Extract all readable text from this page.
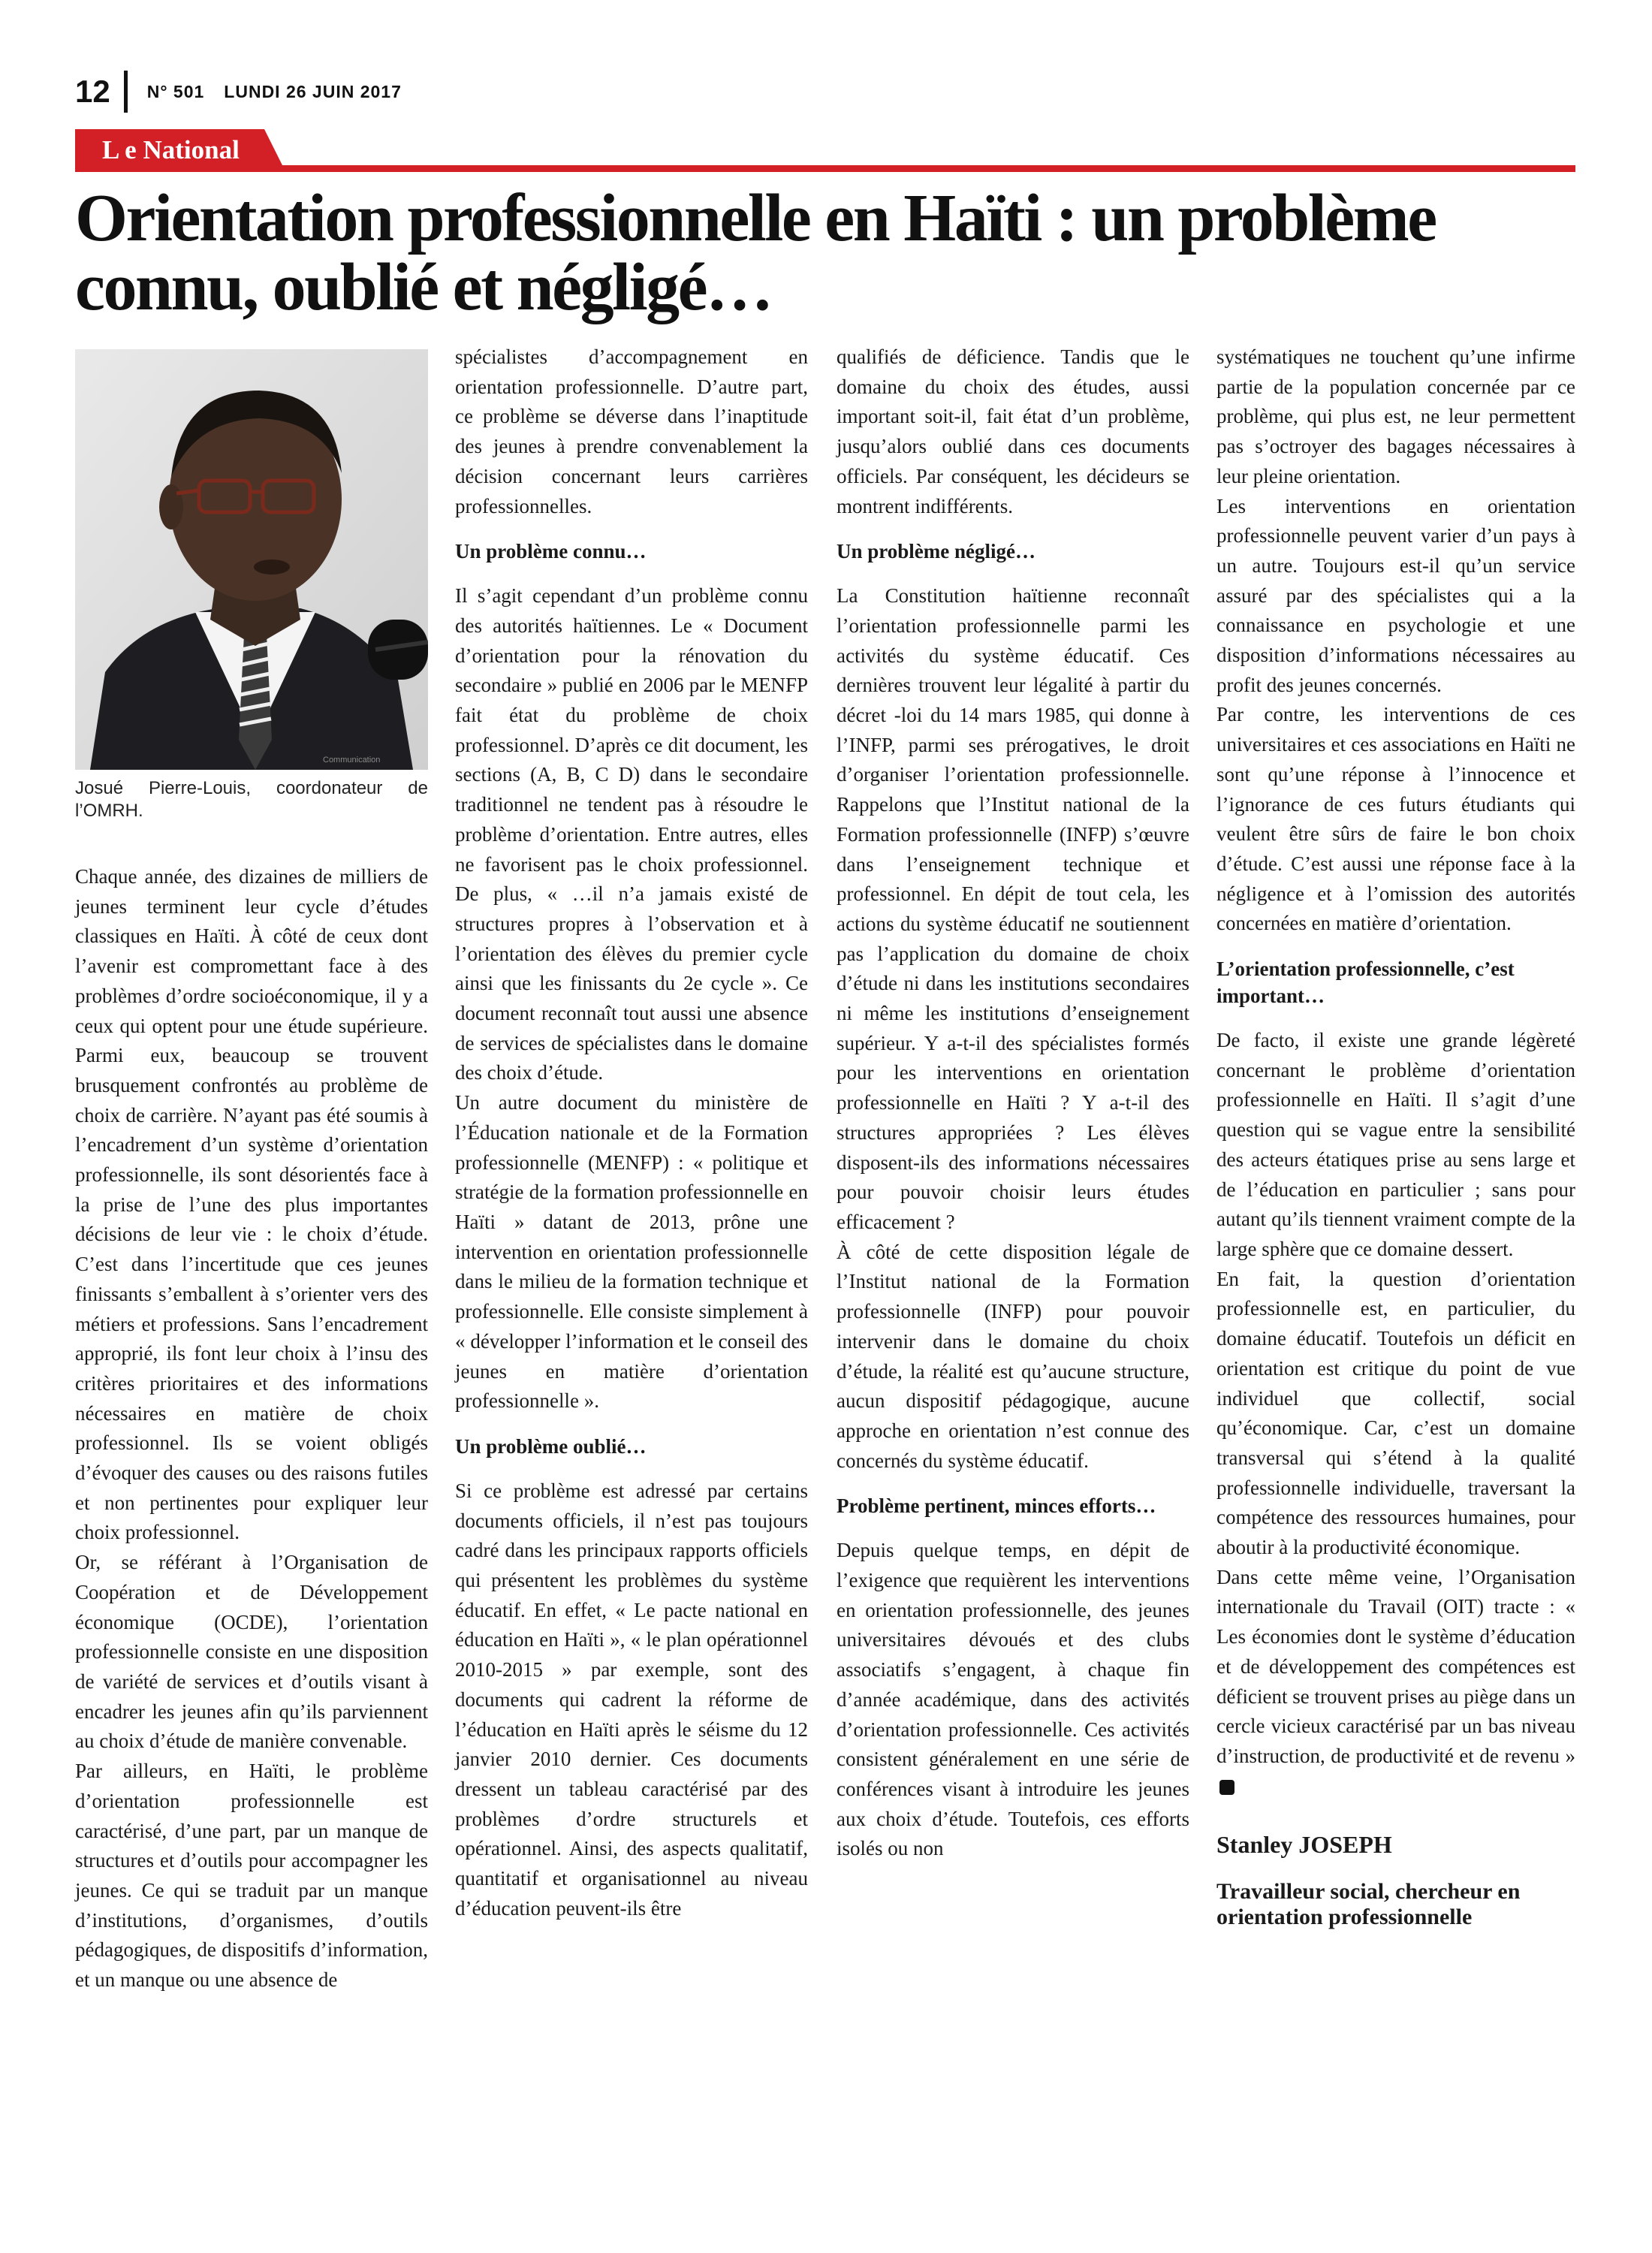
12 N° 501 LUNDI 26 JUIN 2017
L e National
Orientation professionnelle en Haïti : un problème connu, oublié et négligé…
Communication
Josué Pierre-Louis, coordonateur de l’OMRH.

Chaque année, des dizaines de milliers de jeunes terminent leur cycle d’études classiques en Haïti. À côté de ceux dont l’avenir est compromettant face à des problèmes d’ordre socioéconomique, il y a ceux qui optent pour une étude supérieure. Parmi eux, beaucoup se trouvent brusquement confrontés au problème de choix de carrière. N’ayant pas été soumis à l’encadrement d’un système d’orientation professionnelle, ils sont désorientés face à la prise de l’une des plus importantes décisions de leur vie : le choix d’étude. C’est dans l’incertitude que ces jeunes finissants s’emballent à s’orienter vers des métiers et professions. Sans l’encadrement approprié, ils font leur choix à l’insu des critères prioritaires et des informations nécessaires en matière de choix professionnel. Ils se voient obligés d’évoquer des causes ou des raisons futiles et non pertinentes pour expliquer leur choix professionnel.

Or, se référant à l’Organisation de Coopération et de Développement économique (OCDE), l’orientation professionnelle consiste en une disposition de variété de services et d’outils visant à encadrer les jeunes afin qu’ils parviennent au choix d’étude de manière convenable.

Par ailleurs, en Haïti, le problème d’orientation professionnelle est caractérisé, d’une part, par un manque de structures et d’outils pour accompagner les jeunes. Ce qui se traduit par un manque d’institutions, d’organismes, d’outils pédagogiques, de dispositifs d’information, et un manque ou une absence de

spécialistes d’accompagnement en orientation professionnelle. D’autre part, ce problème se déverse dans l’inaptitude des jeunes à prendre convenablement la décision concernant leurs carrières professionnelles.

Un problème connu…

Il s’agit cependant d’un problème connu des autorités haïtiennes. Le « Document d’orientation pour la rénovation du secondaire » publié en 2006 par le MENFP fait état du problème de choix professionnel. D’après ce dit document, les sections (A, B, C D) dans le secondaire traditionnel ne tendent pas à résoudre le problème d’orientation. Entre autres, elles ne favorisent pas le choix professionnel. De plus, « …il n’a jamais existé de structures propres à l’observation et à l’orientation des élèves du premier cycle ainsi que les finissants du 2e cycle ». Ce document reconnaît tout aussi une absence de services de spécialistes dans le domaine des choix d’étude.

Un autre document du ministère de l’Éducation nationale et de la Formation professionnelle (MENFP) : « politique et stratégie de la formation professionnelle en Haïti » datant de 2013, prône une intervention en orientation professionnelle dans le milieu de la formation technique et professionnelle. Elle consiste simplement à « développer l’information et le conseil des jeunes en matière d’orientation professionnelle ».

Un problème oublié…

Si ce problème est adressé par certains documents officiels, il n’est pas toujours cadré dans les principaux rapports officiels qui présentent les problèmes du système éducatif. En effet, « Le pacte national en éducation en Haïti », « le plan opérationnel 2010-2015 » par exemple, sont des documents qui cadrent la réforme de l’éducation en Haïti après le séisme du 12 janvier 2010 dernier. Ces documents dressent un tableau caractérisé par des problèmes d’ordre structurels et opérationnel. Ainsi, des aspects qualitatif, quantitatif et organisationnel au niveau d’éducation peuvent-ils être

qualifiés de déficience. Tandis que le domaine du choix des études, aussi important soit-il, fait état d’un problème, jusqu’alors oublié dans ces documents officiels. Par conséquent, les décideurs se montrent indifférents.

Un problème négligé…

La Constitution haïtienne reconnaît l’orientation professionnelle parmi les activités du système éducatif. Ces dernières trouvent leur légalité à partir du décret -loi du 14 mars 1985, qui donne à l’INFP, parmi ses prérogatives, le droit d’organiser l’orientation professionnelle. Rappelons que l’Institut national de la Formation professionnelle (INFP) s’œuvre dans l’enseignement technique et professionnel. En dépit de tout cela, les actions du système éducatif ne soutiennent pas l’application du domaine de choix d’étude ni dans les institutions secondaires ni même les institutions d’enseignement supérieur. Y a-t-il des spécialistes formés pour les interventions en orientation professionnelle en Haïti ? Y a-t-il des structures appropriées ? Les élèves disposent-ils des informations nécessaires pour pouvoir choisir leurs études efficacement ?

À côté de cette disposition légale de l’Institut national de la Formation professionnelle (INFP) pour pouvoir intervenir dans le domaine du choix d’étude, la réalité est qu’aucune structure, aucun dispositif pédagogique, aucune approche en orientation n’est connue des concernés du système éducatif.

Problème pertinent, minces efforts…

Depuis quelque temps, en dépit de l’exigence que requièrent les interventions en orientation professionnelle, des jeunes universitaires dévoués et des clubs associatifs s’engagent, à chaque fin d’année académique, dans des activités d’orientation professionnelle. Ces activités consistent généralement en une série de conférences visant à introduire les jeunes aux choix d’étude. Toutefois, ces efforts isolés ou non

systématiques ne touchent qu’une infirme partie de la population concernée par ce problème, qui plus est, ne leur permettent pas s’octroyer des bagages nécessaires à leur pleine orientation.

Les interventions en orientation professionnelle peuvent varier d’un pays à un autre. Toujours est-il qu’un service assuré par des spécialistes qui a la connaissance en psychologie et une disposition d’informations nécessaires au profit des jeunes concernés.

Par contre, les interventions de ces universitaires et ces associations en Haïti ne sont qu’une réponse à l’innocence et l’ignorance de ces futurs étudiants qui veulent être sûrs de faire le bon choix d’étude. C’est aussi une réponse face à la négligence et à l’omission des autorités concernées en matière d’orientation.

L’orientation professionnelle, c’est important…

De facto, il existe une grande légèreté concernant le problème d’orientation professionnelle en Haïti. Il s’agit d’une question qui se vague entre la sensibilité des acteurs étatiques prise au sens large et de l’éducation en particulier ; sans pour autant qu’ils tiennent vraiment compte de la large sphère que ce domaine dessert.

En fait, la question d’orientation professionnelle est, en particulier, du domaine éducatif. Toutefois un déficit en orientation est critique du point de vue individuel que collectif, social qu’économique. Car, c’est un domaine transversal qui s’étend à la qualité professionnelle individuelle, traversant la compétence des ressources humaines, pour aboutir à la productivité économique.

Dans cette même veine, l’Organisation internationale du Travail (OIT) tracte : « Les économies dont le système d’éducation et de développement des compétences est déficient se trouvent prises au piège dans un cercle vicieux caractérisé par un bas niveau d’instruction, de productivité et de revenu »

Stanley JOSEPH
Travailleur social, chercheur en orientation professionnelle
